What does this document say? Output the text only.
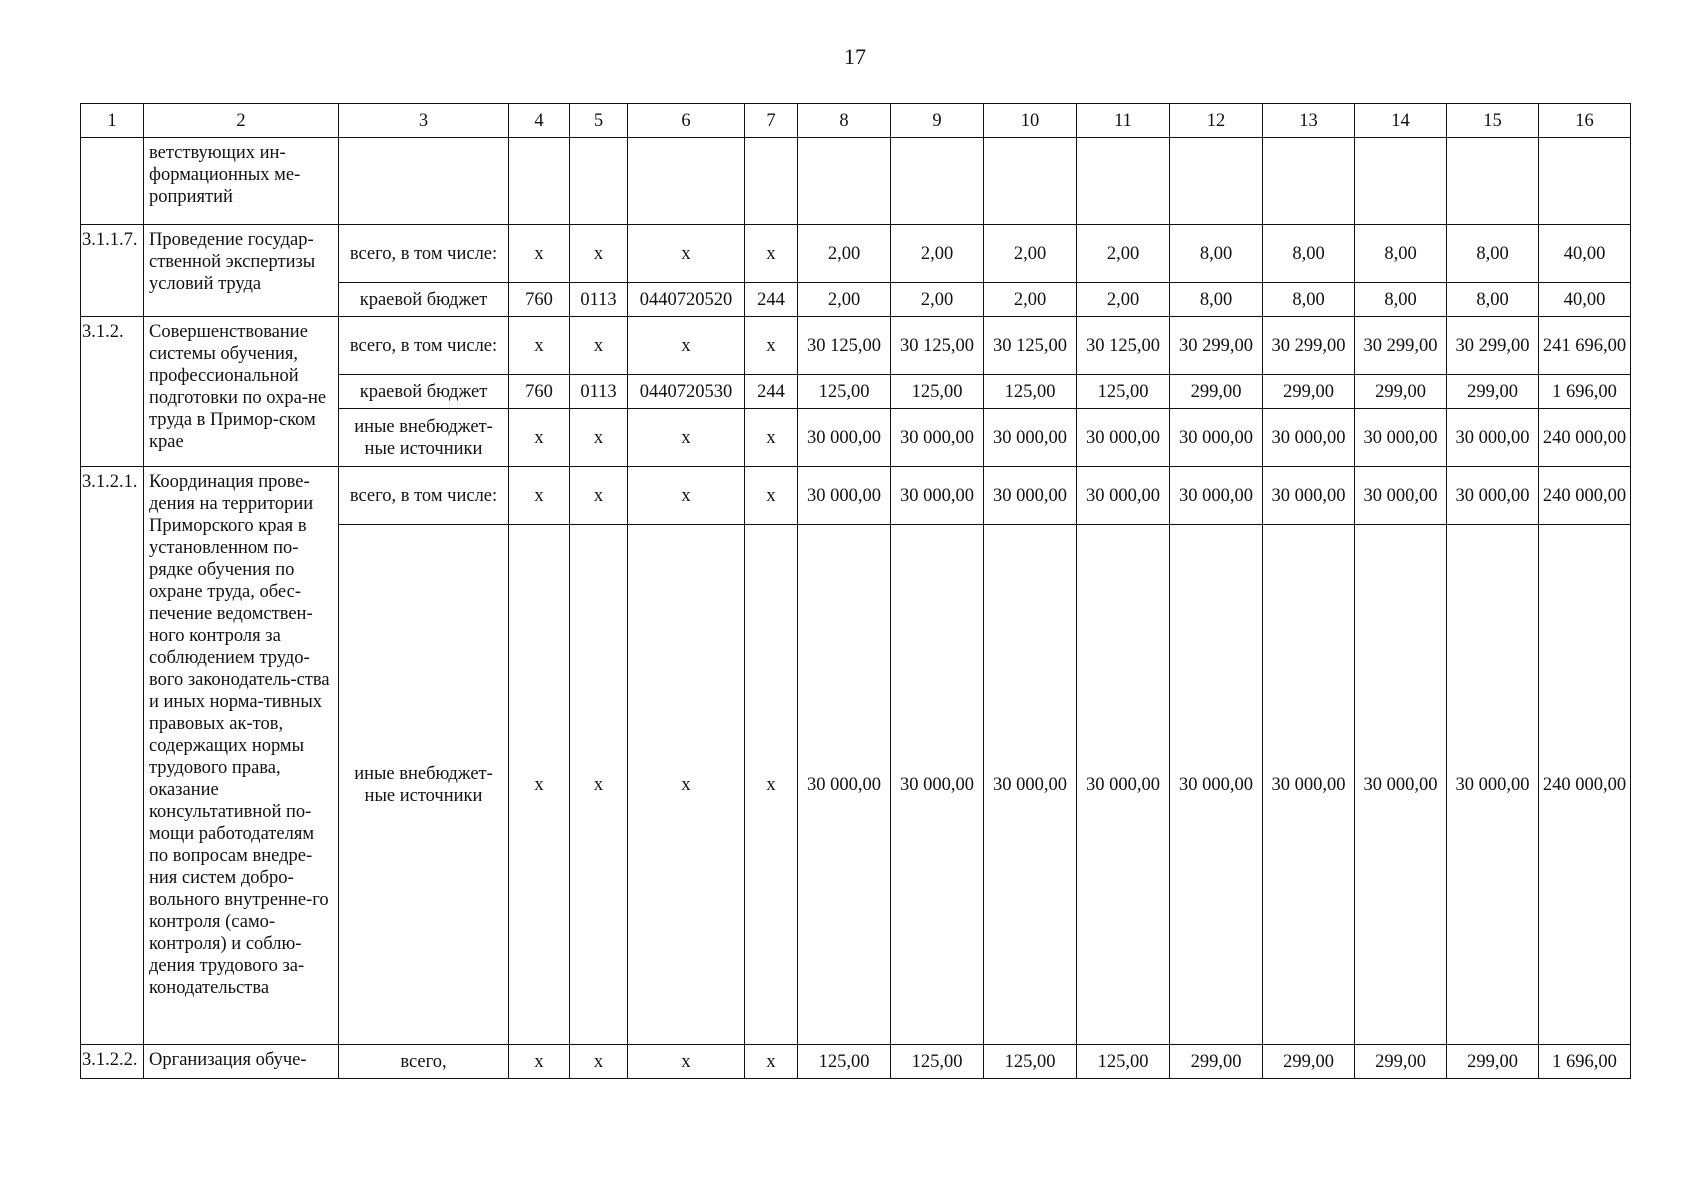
17
1	2	3	4	5	6	7	8	9	10	11	12	13	14	15	16
	ветствующих ин-формационных ме-роприятий														
3.1.1.7.	Проведение государ-ственной экспертизы условий труда	всего, в том числе:	x	x	x	x	2,00	2,00	2,00	2,00	8,00	8,00	8,00	8,00	40,00
		краевой бюджет	760	0113	0440720520	244	2,00	2,00	2,00	2,00	8,00	8,00	8,00	8,00	40,00
3.1.2.	Совершенствование системы обучения, профессиональной подготовки по охра-не труда в Примор-ском крае	всего, в том числе:	x	x	x	x	30 125,00	30 125,00	30 125,00	30 125,00	30 299,00	30 299,00	30 299,00	30 299,00	241 696,00
		краевой бюджет	760	0113	0440720530	244	125,00	125,00	125,00	125,00	299,00	299,00	299,00	299,00	1 696,00
		иные внебюджет-ные источники	x	x	x	x	30 000,00	30 000,00	30 000,00	30 000,00	30 000,00	30 000,00	30 000,00	30 000,00	240 000,00
3.1.2.1.	Координация прове-дения на территории Приморского края в установленном по-рядке обучения по охране труда, обес-печение ведомствен-ного контроля за соблюдением трудо-вого законодатель-ства и иных норма-тивных правовых ак-тов, содержащих нормы трудового права, оказание консультативной по-мощи работодателям по вопросам внедре-ния систем добро-вольного внутренне-го контроля (само-контроля) и соблю-дения трудового за-конодательства	всего, в том числе:	x	x	x	x	30 000,00	30 000,00	30 000,00	30 000,00	30 000,00	30 000,00	30 000,00	30 000,00	240 000,00
		иные внебюджет-ные источники	x	x	x	x	30 000,00	30 000,00	30 000,00	30 000,00	30 000,00	30 000,00	30 000,00	30 000,00	240 000,00
3.1.2.2.	Организация обуче-	всего,	x	x	x	x	125,00	125,00	125,00	125,00	299,00	299,00	299,00	299,00	1 696,00
